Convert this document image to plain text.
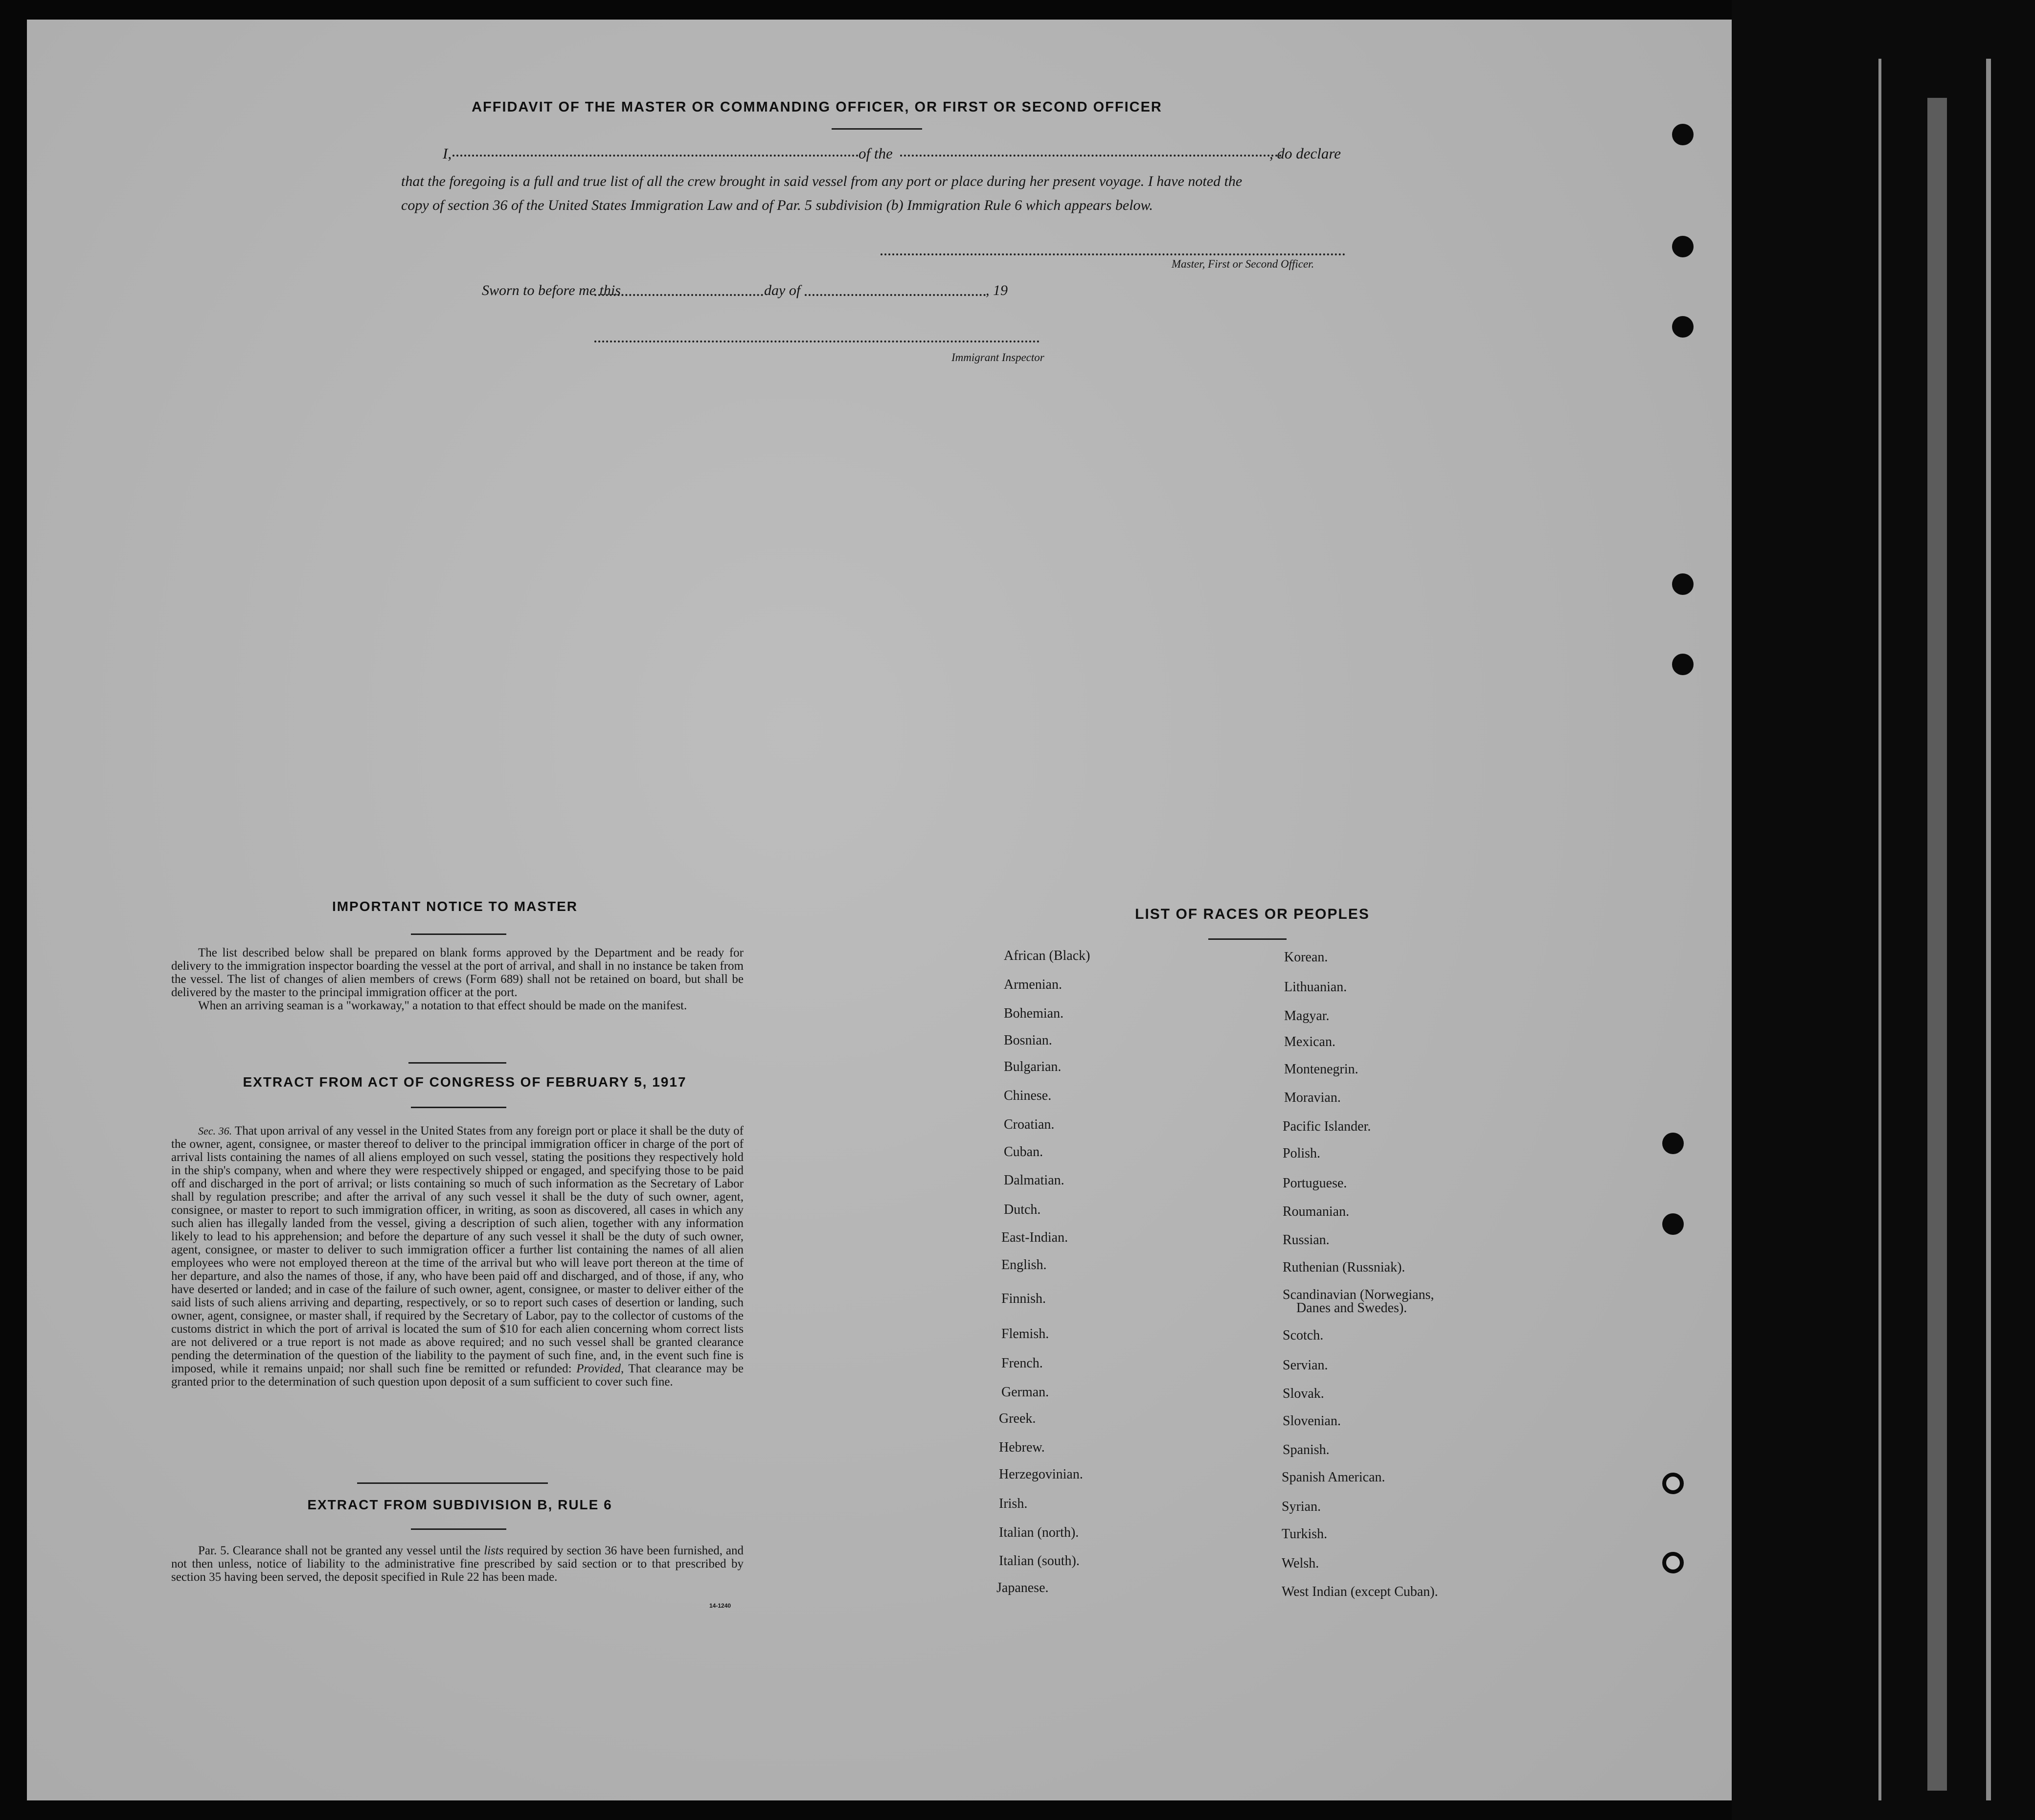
AFFIDAVIT OF THE MASTER OR COMMANDING OFFICER, OR FIRST OR SECOND OFFICER
I,	of the	, do declare
that the foregoing is a full and true list of all the crew brought in said vessel from any port or place during her present voyage. I have noted the
copy of section 36 of the United States Immigration Law and of Par. 5 subdivision (b) Immigration Rule 6 which appears below.
Master, First or Second Officer.
Sworn to before me this	day of	, 19
Immigrant Inspector
IMPORTANT NOTICE TO MASTER

The list described below shall be prepared on blank forms approved by the Department and be ready for delivery to the immigration inspector boarding the vessel at the port of arrival, and shall in no instance be taken from the vessel. The list of changes of alien members of crews (Form 689) shall not be retained on board, but shall be delivered by the master to the principal immigration officer at the port.

When an arriving seaman is a "workaway," a notation to that effect should be made on the manifest.

EXTRACT FROM ACT OF CONGRESS OF FEBRUARY 5, 1917

Sec. 36. That upon arrival of any vessel in the United States from any foreign port or place it shall be the duty of the owner, agent, consignee, or master thereof to deliver to the principal immigration officer in charge of the port of arrival lists containing the names of all aliens employed on such vessel, stating the positions they respectively hold in the ship's company, when and where they were respectively shipped or engaged, and specifying those to be paid off and discharged in the port of arrival; or lists containing so much of such information as the Secretary of Labor shall by regulation prescribe; and after the arrival of any such vessel it shall be the duty of such owner, agent, consignee, or master to report to such immigration officer, in writing, as soon as discovered, all cases in which any such alien has illegally landed from the vessel, giving a description of such alien, together with any information likely to lead to his apprehension; and before the departure of any such vessel it shall be the duty of such owner, agent, consignee, or master to deliver to such immigration officer a further list containing the names of all alien employees who were not employed thereon at the time of the arrival but who will leave port thereon at the time of her departure, and also the names of those, if any, who have been paid off and discharged, and of those, if any, who have deserted or landed; and in case of the failure of such owner, agent, consignee, or master to deliver either of the said lists of such aliens arriving and departing, respectively, or so to report such cases of desertion or landing, such owner, agent, consignee, or master shall, if required by the Secretary of Labor, pay to the collector of customs of the customs district in which the port of arrival is located the sum of $10 for each alien concerning whom correct lists are not delivered or a true report is not made as above required; and no such vessel shall be granted clearance pending the determination of the question of the liability to the payment of such fine, and, in the event such fine is imposed, while it remains unpaid; nor shall such fine be remitted or refunded: Provided, That clearance may be granted prior to the determination of such question upon deposit of a sum sufficient to cover such fine.

EXTRACT FROM SUBDIVISION B, RULE 6

Par. 5. Clearance shall not be granted any vessel until the lists required by section 36 have been furnished, and not then unless, notice of liability to the administrative fine prescribed by said section or to that prescribed by section 35 having been served, the deposit specified in Rule 22 has been made.

14-1240
LIST OF RACES OR PEOPLES
African (Black)
Armenian.
Bohemian.
Bosnian.
Bulgarian.
Chinese.
Croatian.
Cuban.
Dalmatian.
Dutch.
East-Indian.
English.
Finnish.
Flemish.
French.
German.
Greek.
Hebrew.
Herzegovinian.
Irish.
Italian (north).
Italian (south).
Japanese.
Korean.
Lithuanian.
Magyar.
Mexican.
Montenegrin.
Moravian.
Pacific Islander.
Polish.
Portuguese.
Roumanian.
Russian.
Ruthenian (Russniak).
Scandinavian (Norwegians,
Danes and Swedes).
Scotch.
Servian.
Slovak.
Slovenian.
Spanish.
Spanish American.
Syrian.
Turkish.
Welsh.
West Indian (except Cuban).
